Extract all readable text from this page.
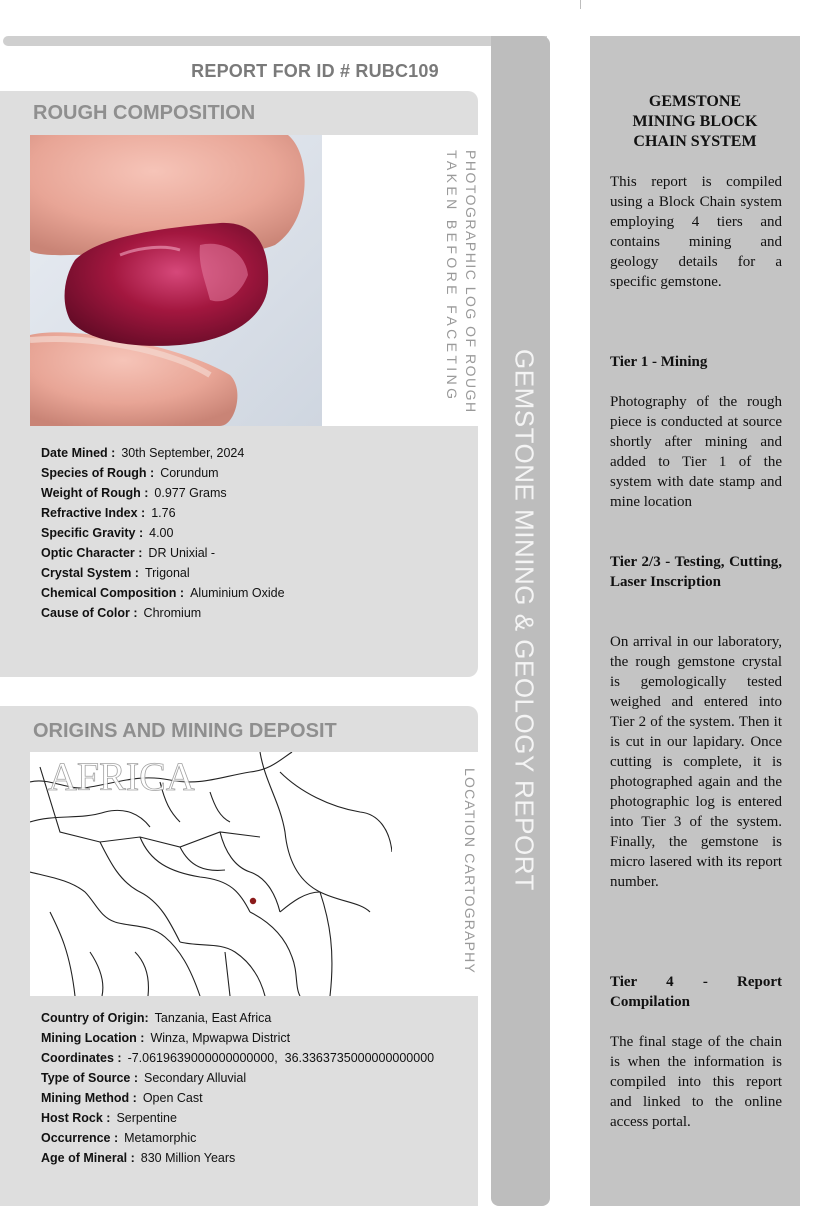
REPORT FOR ID # RUBC109
GEMSTONE MINING & GEOLOGY REPORT
ROUGH COMPOSITION
PHOTOGRAPHIC LOG OF ROUGH
TAKEN BEFORE FACETING
Date Mined : 30th September, 2024
Species of Rough : Corundum
Weight of Rough : 0.977 Grams
Refractive Index : 1.76
Specific Gravity : 4.00
Optic Character : DR Unixial -
Crystal System : Trigonal
Chemical Composition : Aluminium Oxide
Cause of Color : Chromium
ORIGINS AND MINING DEPOSIT
AFRICA	LOCATION CARTOGRAPHY
Country of Origin: Tanzania, East Africa
Mining Location : Winza, Mpwapwa District
Coordinates : -7.0619639000000000000,  36.3363735000000000000
Type of Source : Secondary Alluvial
Mining Method : Open Cast
Host Rock : Serpentine
Occurrence : Metamorphic
Age of Mineral : 830 Million Years
GEMSTONE MINING BLOCK CHAIN SYSTEM
This report is compiled using a Block Chain system employing 4 tiers and contains mining and geology details for a specific gemstone.
Tier 1 - Mining
Photography of the rough piece is conducted at source shortly after mining and added to Tier 1 of the system with date stamp and mine location
Tier 2/3 - Testing, Cutting, Laser Inscription
On arrival in our laboratory, the rough gemstone crystal is gemologically tested weighed and entered into Tier 2 of the system. Then it is cut in our lapidary. Once cutting is complete, it is photographed again and the photographic log is entered into Tier 3 of the system. Finally, the gemstone is micro lasered with its report number.
Tier 4 - Report Compilation
The final stage of the chain is when the information is compiled into this report and linked to the online access portal.
